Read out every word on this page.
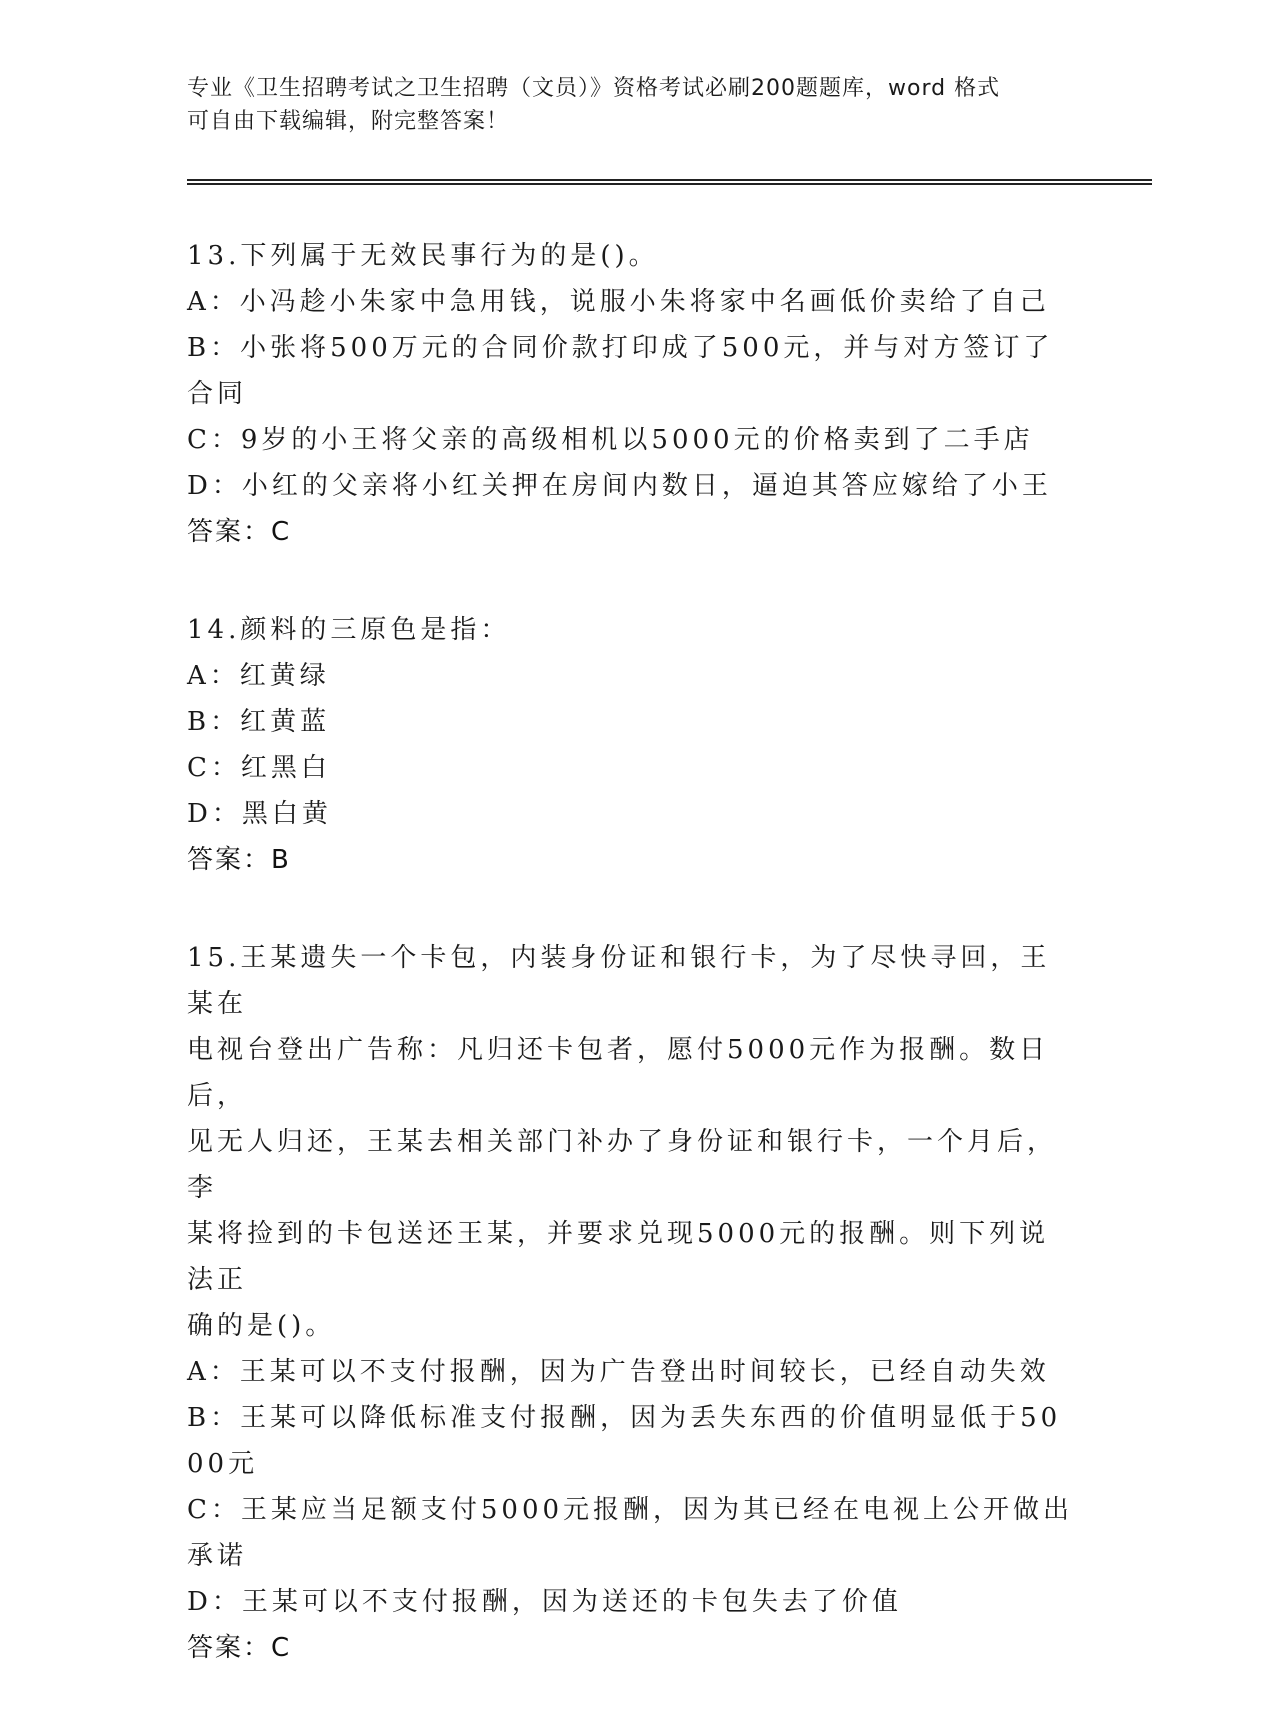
专业《卫生招聘考试之卫生招聘（文员）》资格考试必刷200题题库，word 格式
可自由下载编辑，附完整答案！
13.下列属于无效民事行为的是()。
A：小冯趁小朱家中急用钱，说服小朱将家中名画低价卖给了自己
B：小张将500万元的合同价款打印成了500元，并与对方签订了合同
C：9岁的小王将父亲的高级相机以5000元的价格卖到了二手店
D：小红的父亲将小红关押在房间内数日，逼迫其答应嫁给了小王
答案：C
14.颜料的三原色是指：
A：红黄绿
B：红黄蓝
C：红黑白
D：黑白黄
答案：B
15.王某遗失一个卡包，内装身份证和银行卡，为了尽快寻回，王某在
电视台登出广告称：凡归还卡包者，愿付5000元作为报酬。数日后，
见无人归还，王某去相关部门补办了身份证和银行卡，一个月后，李
某将捡到的卡包送还王某，并要求兑现5000元的报酬。则下列说法正
确的是()。
A：王某可以不支付报酬，因为广告登出时间较长，已经自动失效
B：王某可以降低标准支付报酬，因为丢失东西的价值明显低于5000元
C：王某应当足额支付5000元报酬，因为其已经在电视上公开做出承诺
D：王某可以不支付报酬，因为送还的卡包失去了价值
答案：C
